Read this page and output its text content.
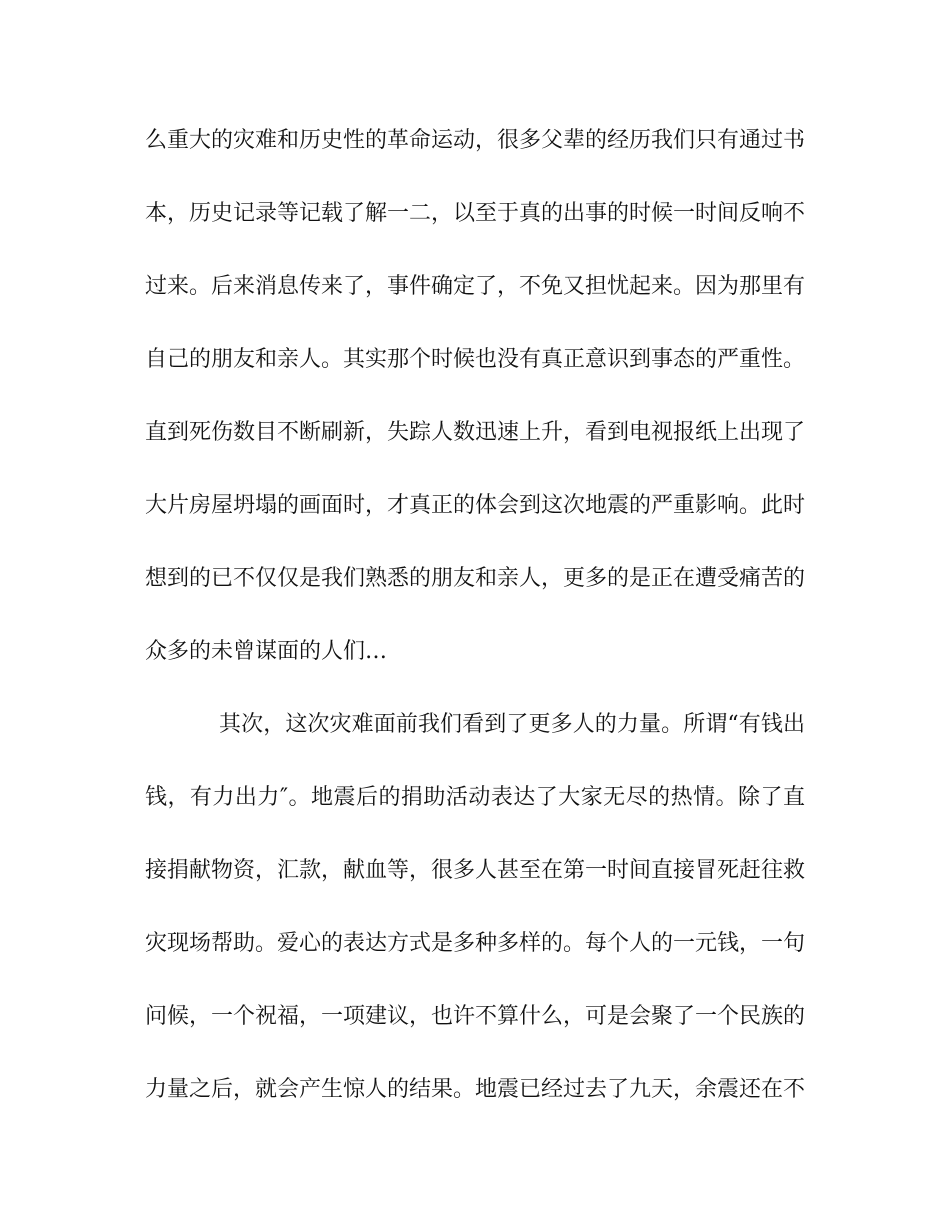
么重大的灾难和历史性的革命运动，很多父辈的经历我们只有通过书
本，历史记录等记载了解一二，以至于真的出事的时候一时间反响不
过来。后来消息传来了，事件确定了，不免又担忧起来。因为那里有
自己的朋友和亲人。其实那个时候也没有真正意识到事态的严重性。
直到死伤数目不断刷新，失踪人数迅速上升，看到电视报纸上出现了
大片房屋坍塌的画面时，才真正的体会到这次地震的严重影响。此时
想到的已不仅仅是我们熟悉的朋友和亲人，更多的是正在遭受痛苦的
众多的未曾谋面的人们…
其次，这次灾难面前我们看到了更多人的力量。所谓“有钱出
钱，有力出力″。地震后的捐助活动表达了大家无尽的热情。除了直
接捐献物资，汇款，献血等，很多人甚至在第一时间直接冒死赶往救
灾现场帮助。爱心的表达方式是多种多样的。每个人的一元钱，一句
问候，一个祝福，一项建议，也许不算什么，可是会聚了一个民族的
力量之后，就会产生惊人的结果。地震已经过去了九天，余震还在不
